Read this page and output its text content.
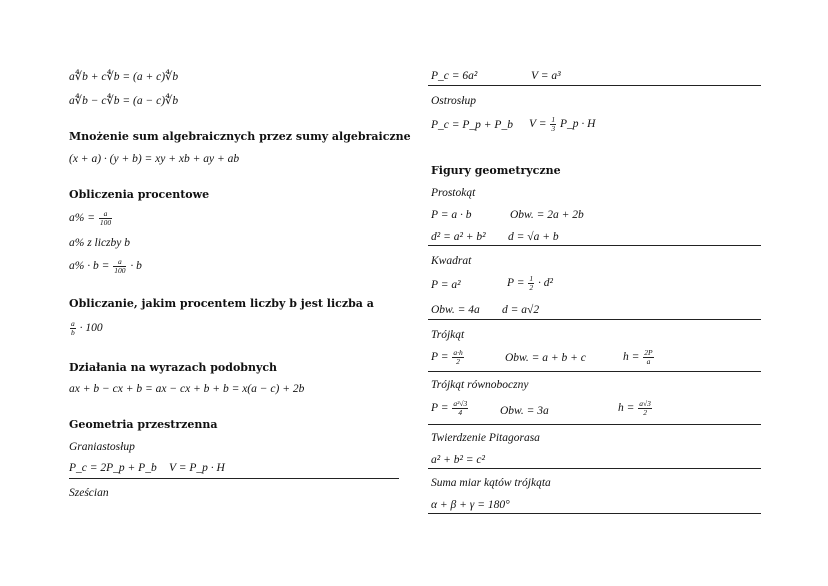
a∜b + c∜b = (a + c)∜b
a∜b − c∜b = (a − c)∜b
Mnożenie sum algebraicznych przez sumy algebraiczne
(x + a) · (y + b) = xy + xb + ay + ab
Obliczenia procentowe
$a\% = \frac{a}{100}$
a% z liczby b
$a\% \cdot b = \frac{a}{100} \cdot b$
Obliczanie, jakim procentem liczby b jest liczba a
$\frac{a}{b} \cdot 100$
Działania na wyrazach podobnych
ax + b − cx + b = ax − cx + b + b = x(a − c) + 2b
Geometria przestrzenna
Graniastosłup
P_c = 2P_p + P_b V = P_p · H
Sześcian
P_c = 6a²	V = a³
Ostrosłup
P_c = P_p + P_b $V = \frac{1}{3}$ P_p · H
Figury geometryczne
Prostokąt
P = a · b	Obw. = 2a + 2b
d² = a² + b² d = √a + b
Kwadrat
P = a²	$P = \frac{1}{2} \cdot d^2$
Obw. = 4a d = a√2
Trójkąt
$P = \frac{a\cdot h}{2}$	Obw. = a + b + c	$h = \frac{2P}{a}$
Trójkąt równoboczny
$P = \frac{\text{a²√3}}{4}$	Obw. = 3a	$h = \frac{a√3}{2}$
Twierdzenie Pitagorasa
a² + b² = c²
Suma miar kątów trójkąta
α + β + γ = 180°
